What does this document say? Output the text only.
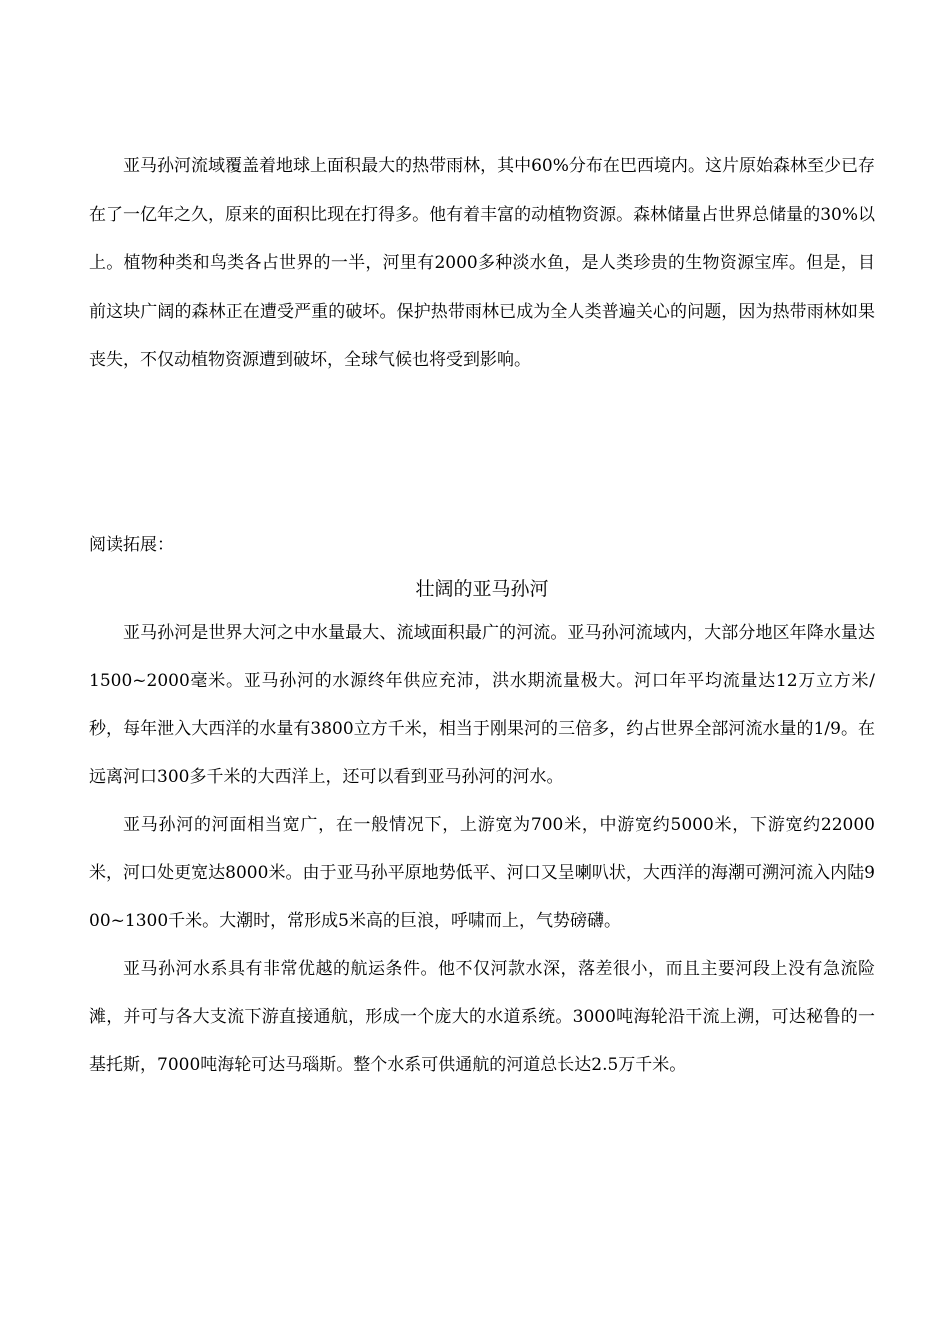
亚马孙河流域覆盖着地球上面积最大的热带雨林，其中60%分布在巴西境内。这片原始森林至少已存在了一亿年之久，原来的面积比现在打得多。他有着丰富的动植物资源。森林储量占世界总储量的30%以上。植物种类和鸟类各占世界的一半，河里有2000多种淡水鱼，是人类珍贵的生物资源宝库。但是，目前这块广阔的森林正在遭受严重的破坏。保护热带雨林已成为全人类普遍关心的问题，因为热带雨林如果丧失，不仅动植物资源遭到破坏，全球气候也将受到影响。

阅读拓展：

壮阔的亚马孙河

亚马孙河是世界大河之中水量最大、流域面积最广的河流。亚马孙河流域内，大部分地区年降水量达1500~2000毫米。亚马孙河的水源终年供应充沛，洪水期流量极大。河口年平均流量达12万立方米/秒，每年泄入大西洋的水量有3800立方千米，相当于刚果河的三倍多，约占世界全部河流水量的1/9。在远离河口300多千米的大西洋上，还可以看到亚马孙河的河水。

亚马孙河的河面相当宽广，在一般情况下，上游宽为700米，中游宽约5000米，下游宽约22000米，河口处更宽达8000米。由于亚马孙平原地势低平、河口又呈喇叭状，大西洋的海潮可溯河流入内陆900~1300千米。大潮时，常形成5米高的巨浪，呼啸而上，气势磅礴。

亚马孙河水系具有非常优越的航运条件。他不仅河款水深，落差很小，而且主要河段上没有急流险滩，并可与各大支流下游直接通航，形成一个庞大的水道系统。3000吨海轮沿干流上溯，可达秘鲁的一基托斯，7000吨海轮可达马瑙斯。整个水系可供通航的河道总长达2.5万千米。
